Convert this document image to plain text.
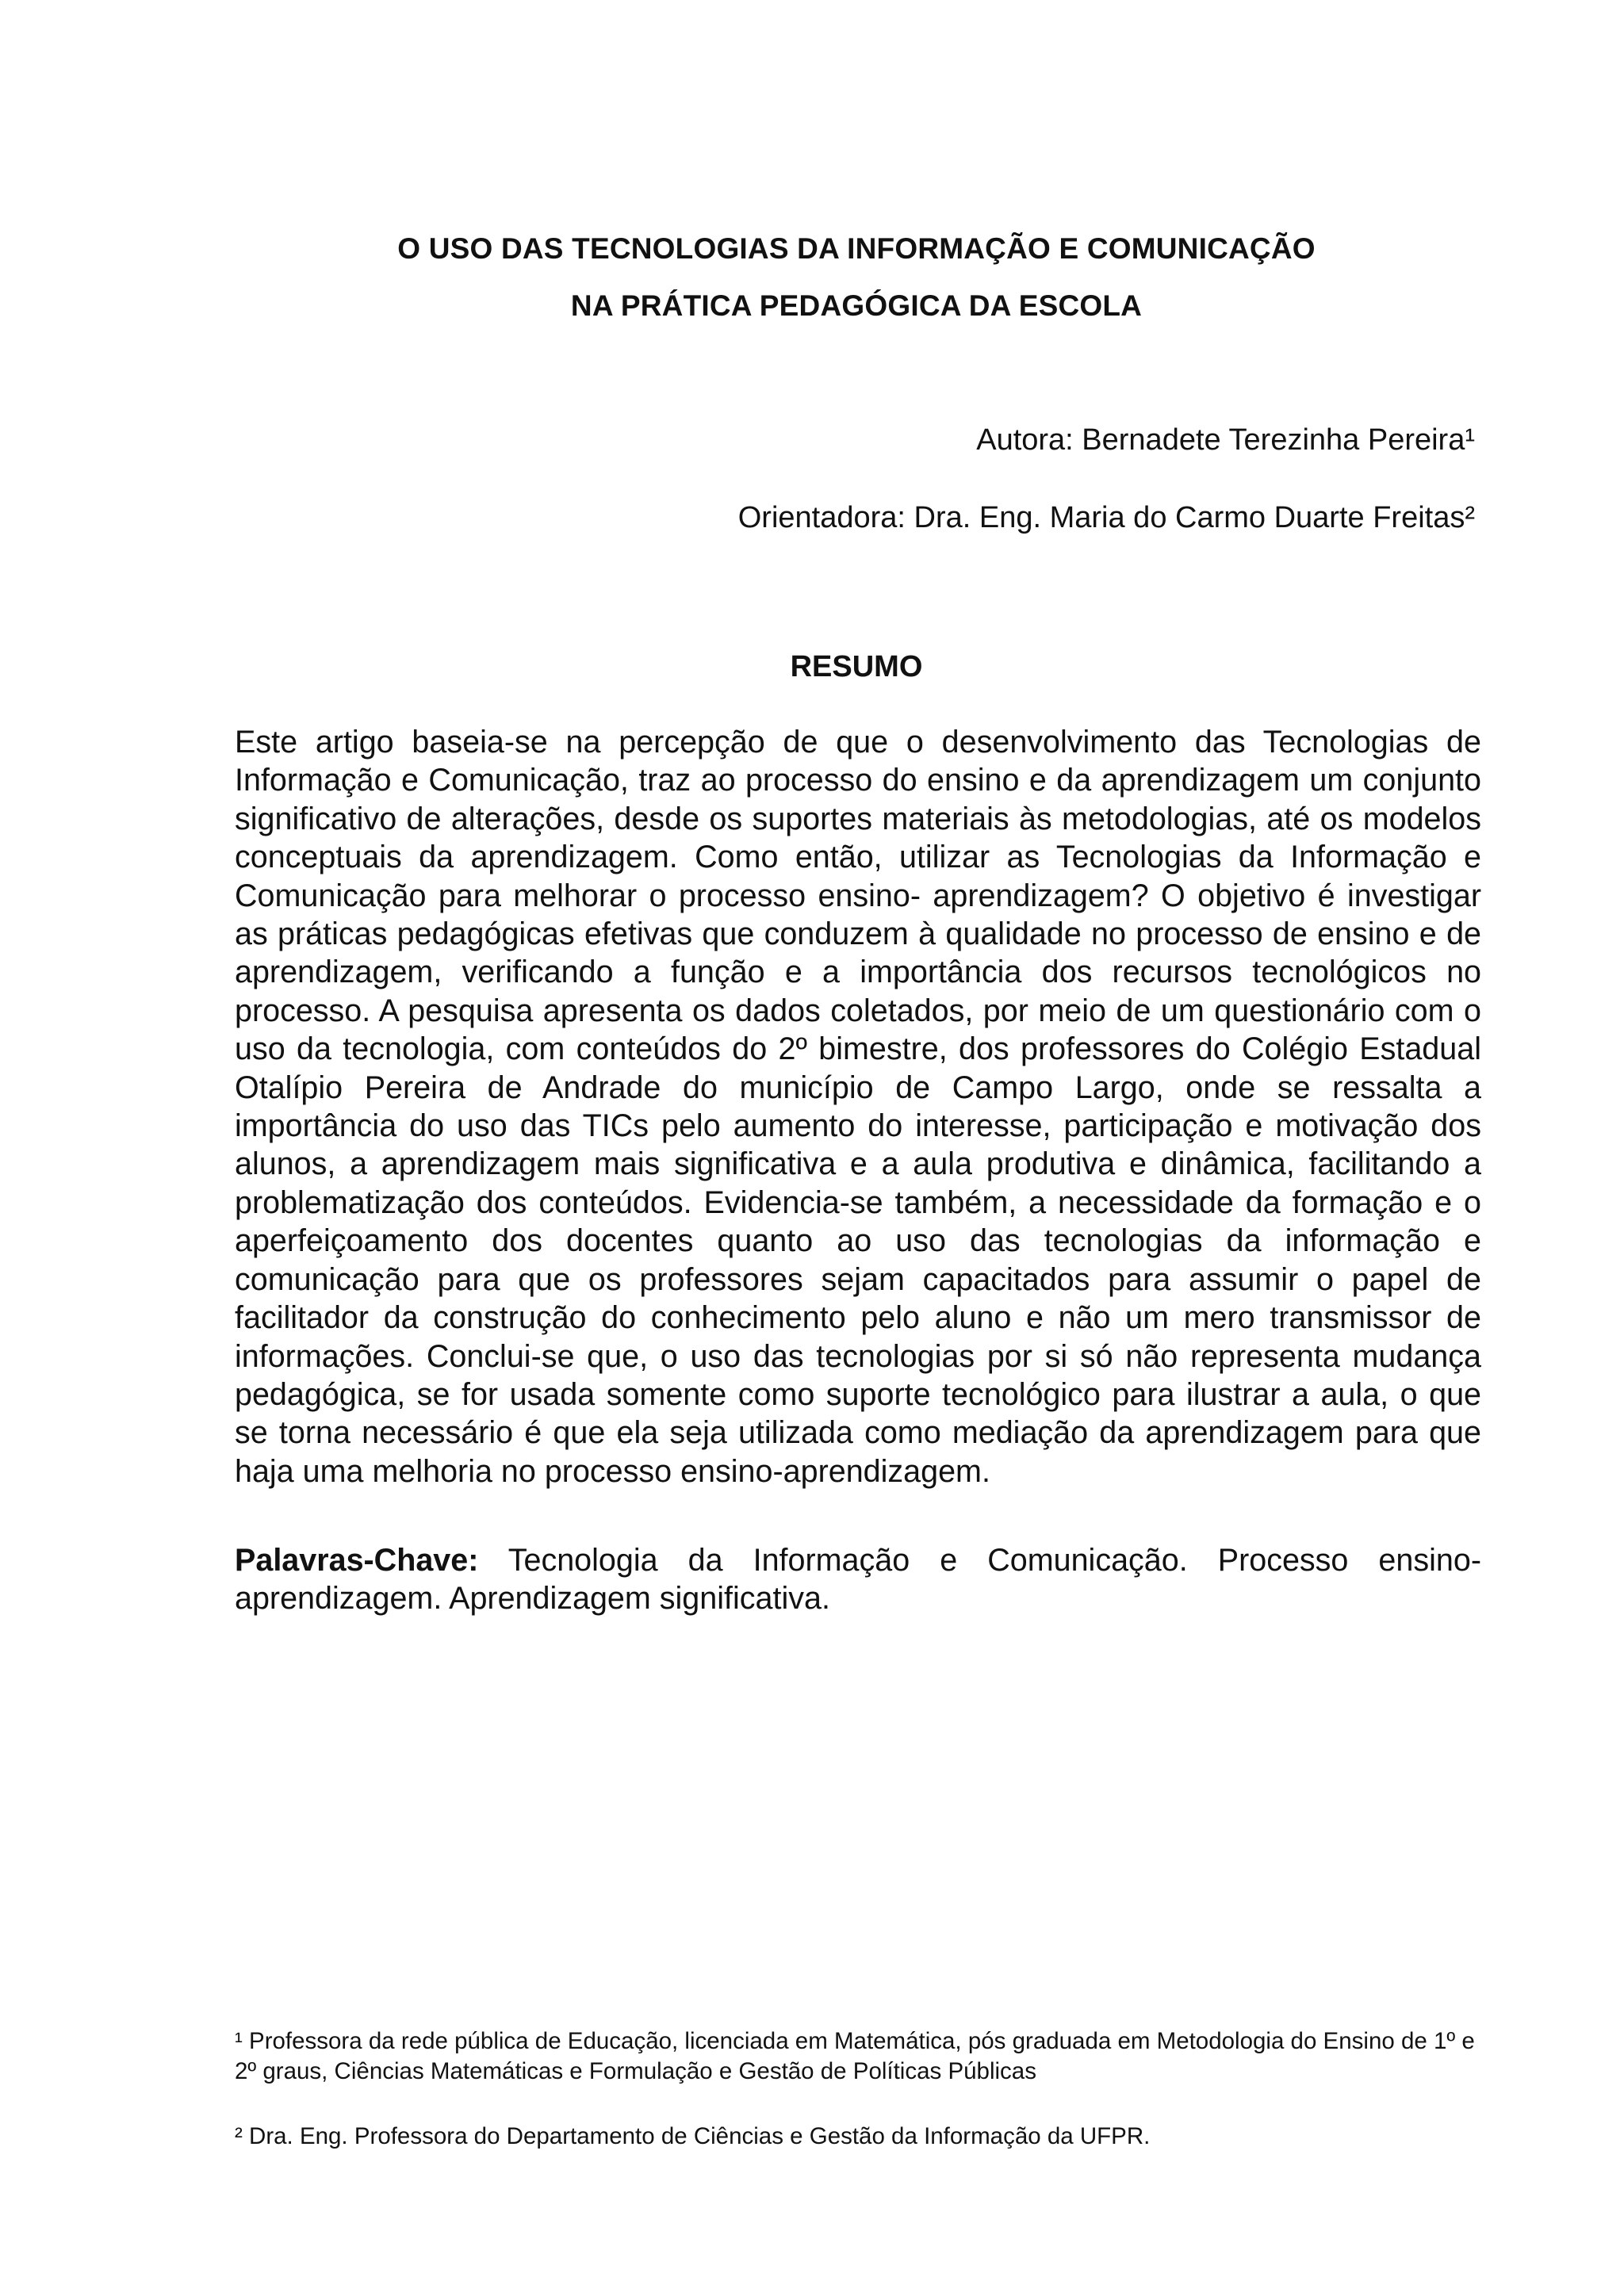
O USO DAS TECNOLOGIAS DA INFORMAÇÃO E COMUNICAÇÃO
NA PRÁTICA PEDAGÓGICA DA ESCOLA
Autora: Bernadete Terezinha Pereira¹
Orientadora: Dra. Eng. Maria do Carmo Duarte Freitas²
RESUMO

Este artigo baseia-se na percepção de que o desenvolvimento das Tecnologias de Informação e Comunicação, traz ao processo do ensino e da aprendizagem um conjunto significativo de alterações, desde os suportes materiais às metodologias, até os modelos conceptuais da aprendizagem. Como então, utilizar as Tecnologias da Informação e Comunicação para melhorar o processo ensino- aprendizagem? O objetivo é investigar as práticas pedagógicas efetivas que conduzem à qualidade no processo de ensino e de aprendizagem, verificando a função e a importância dos recursos tecnológicos no processo. A pesquisa apresenta os dados coletados, por meio de um questionário com o uso da tecnologia, com conteúdos do 2º bimestre, dos professores do Colégio Estadual Otalípio Pereira de Andrade do município de Campo Largo, onde se ressalta a importância do uso das TICs pelo aumento do interesse, participação e motivação dos alunos, a aprendizagem mais significativa e a aula produtiva e dinâmica, facilitando a problematização dos conteúdos. Evidencia-se também, a necessidade da formação e o aperfeiçoamento dos docentes quanto ao uso das tecnologias da informação e comunicação para que os professores sejam capacitados para assumir o papel de facilitador da construção do conhecimento pelo aluno e não um mero transmissor de informações. Conclui-se que, o uso das tecnologias por si só não representa mudança pedagógica, se for usada somente como suporte tecnológico para ilustrar a aula, o que se torna necessário é que ela seja utilizada como mediação da aprendizagem para que haja uma melhoria no processo ensino-aprendizagem.

Palavras-Chave: Tecnologia da Informação e Comunicação. Processo ensino-aprendizagem. Aprendizagem significativa.

¹ Professora da rede pública de Educação, licenciada em Matemática, pós graduada em Metodologia do Ensino de 1º e 2º graus, Ciências Matemáticas e Formulação e Gestão de Políticas Públicas

² Dra. Eng. Professora do Departamento de Ciências e Gestão da Informação da UFPR.
